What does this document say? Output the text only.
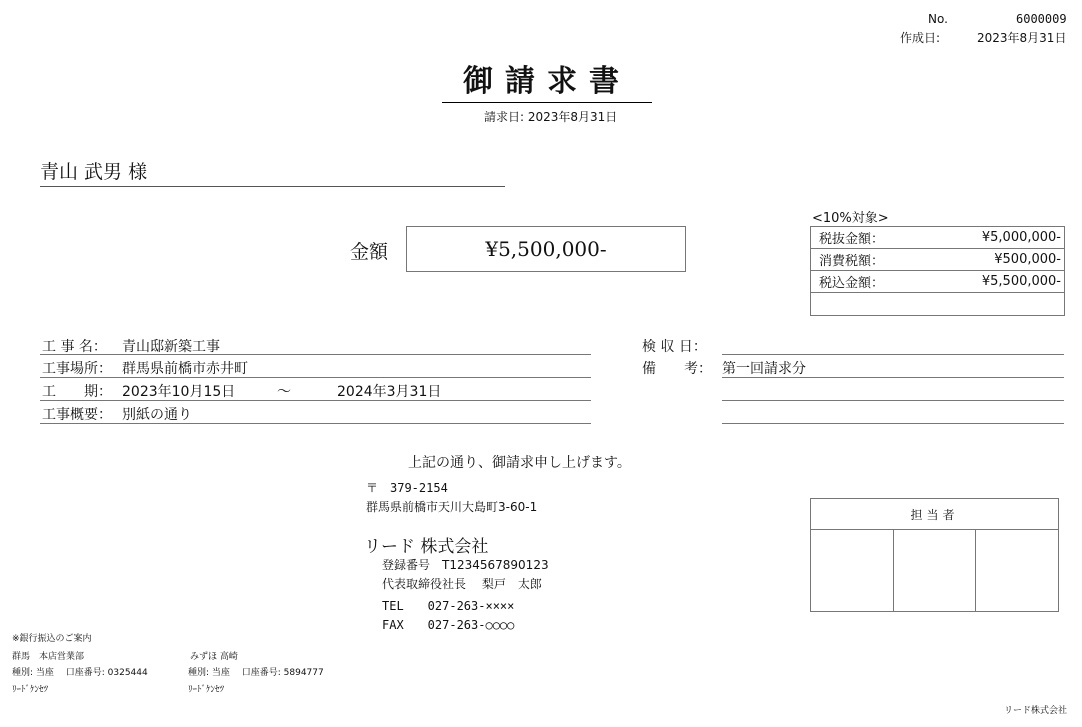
No.	6000009
作成日:	2023年8月31日
御請求書
請求日: 2023年8月31日
青山 武男 様
金額	¥5,500,000-
<10%対象>
税抜金額：	¥5,000,000-
消費税額：	¥500,000-
税込金額：	¥5,500,000-

工 事 名：	青山邸新築工事
工事場所： 群馬県前橋市赤井町
工　　期： 2023年10月15日	～	2024年3月31日
工事概要： 別紙の通り
検 収 日：
備　　考： 第一回請求分
上記の通り、御請求申し上げます。
〒　379-2154
群馬県前橋市天川大島町3-60-1
リード 株式会社
登録番号　T1234567890123
代表取締役社長　 梨戸　太郎
TEL　　027-263-××××
FAX　　027-263-○○○○
担当者

※銀行振込のご案内
群馬　本店営業部
種別: 当座　 口座番号: 0325444
ﾘｰﾄﾞｹﾝｾﾂ
みずほ 高崎
種別: 当座　 口座番号: 5894777
ﾘｰﾄﾞｹﾝｾﾂ
リード株式会社
